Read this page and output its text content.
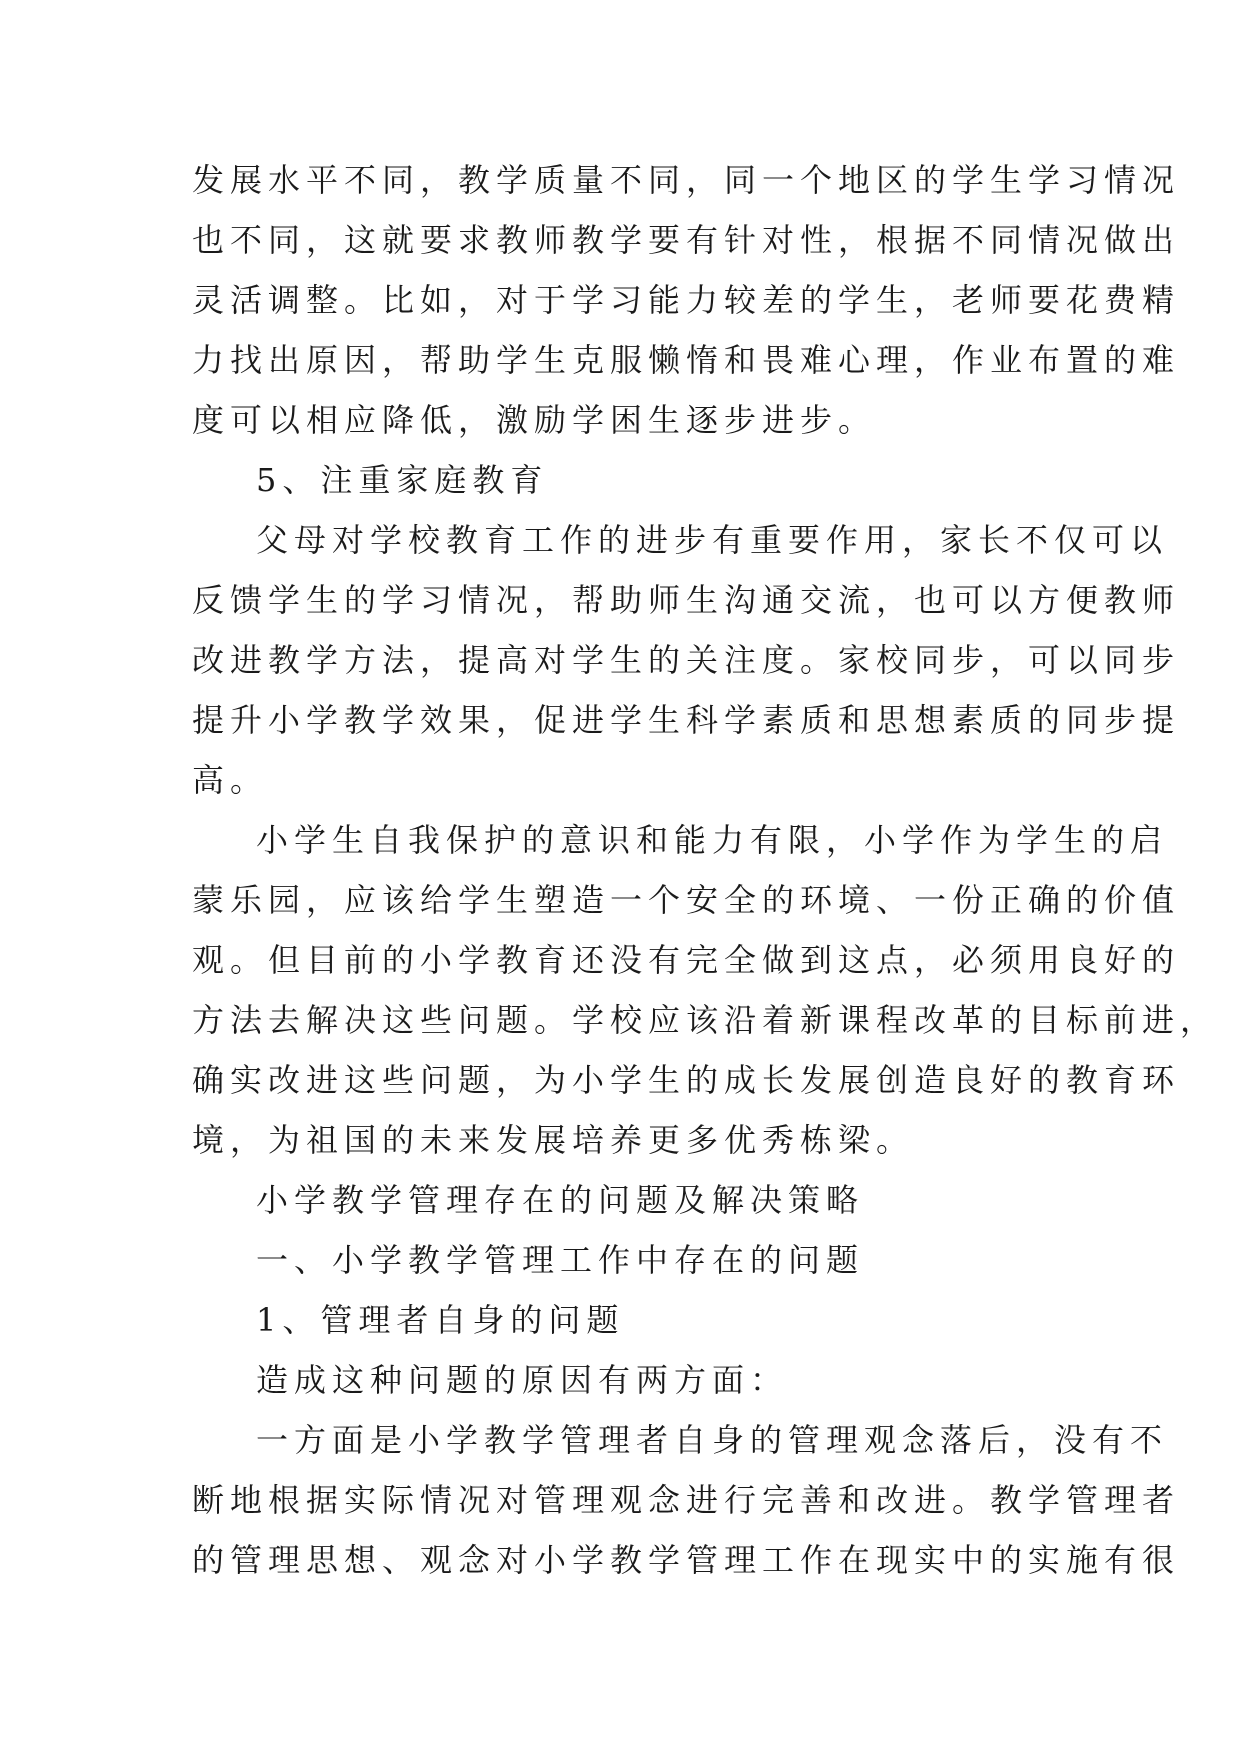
发展水平不同，教学质量不同，同一个地区的学生学习情况
也不同，这就要求教师教学要有针对性，根据不同情况做出
灵活调整。比如，对于学习能力较差的学生，老师要花费精
力找出原因，帮助学生克服懒惰和畏难心理，作业布置的难
度可以相应降低，激励学困生逐步进步。
5、注重家庭教育
父母对学校教育工作的进步有重要作用，家长不仅可以
反馈学生的学习情况，帮助师生沟通交流，也可以方便教师
改进教学方法，提高对学生的关注度。家校同步，可以同步
提升小学教学效果，促进学生科学素质和思想素质的同步提
高。
小学生自我保护的意识和能力有限，小学作为学生的启
蒙乐园，应该给学生塑造一个安全的环境、一份正确的价值
观。但目前的小学教育还没有完全做到这点，必须用良好的
方法去解决这些问题。学校应该沿着新课程改革的目标前进，
确实改进这些问题，为小学生的成长发展创造良好的教育环
境，为祖国的未来发展培养更多优秀栋梁。
小学教学管理存在的问题及解决策略
一、小学教学管理工作中存在的问题
1、管理者自身的问题
造成这种问题的原因有两方面：
一方面是小学教学管理者自身的管理观念落后，没有不
断地根据实际情况对管理观念进行完善和改进。教学管理者
的管理思想、观念对小学教学管理工作在现实中的实施有很
